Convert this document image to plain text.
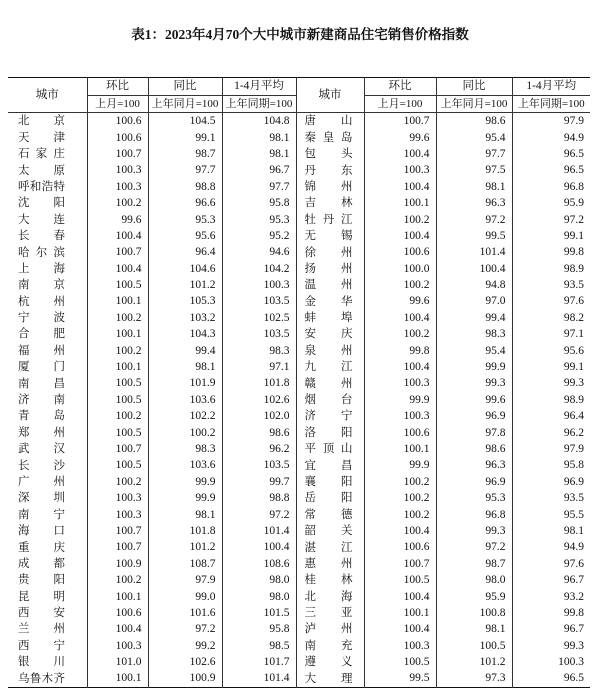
表1：2023年4月70个大中城市新建商品住宅销售价格指数
城市	环比	同比	1-4月平均	城市	环比	同比	1-4月平均
	上月=100	上年同月=100	上年同期=100		上月=100	上年同月=100	上年同期=100
北京	100.6	104.5	104.8	唐山	100.7	98.6	97.9
天津	100.6	99.1	98.1	秦皇岛	99.6	95.4	94.9
石家庄	100.7	98.7	98.1	包头	100.4	97.7	96.5
太原	100.3	97.7	96.7	丹东	100.3	97.5	96.5
呼和浩特	100.3	98.8	97.7	锦州	100.4	98.1	96.8
沈阳	100.2	96.6	95.8	吉林	100.1	96.3	95.9
大连	99.6	95.3	95.3	牡丹江	100.2	97.2	97.2
长春	100.4	95.6	95.2	无锡	100.4	99.5	99.1
哈尔滨	100.7	96.4	94.6	徐州	100.6	101.4	99.8
上海	100.4	104.6	104.2	扬州	100.0	100.4	98.9
南京	100.5	101.2	100.3	温州	100.2	94.8	93.5
杭州	100.1	105.3	103.5	金华	99.6	97.0	97.6
宁波	100.2	103.2	102.5	蚌埠	100.4	99.4	98.2
合肥	100.1	104.3	103.5	安庆	100.2	98.3	97.1
福州	100.2	99.4	98.3	泉州	99.8	95.4	95.6
厦门	100.1	98.1	97.1	九江	100.4	99.9	99.1
南昌	100.5	101.9	101.8	赣州	100.3	99.3	99.3
济南	100.5	103.6	102.6	烟台	99.9	99.6	98.9
青岛	100.2	102.2	102.0	济宁	100.3	96.9	96.4
郑州	100.5	100.2	98.6	洛阳	100.6	97.8	96.2
武汉	100.7	98.3	96.2	平顶山	100.1	98.6	97.9
长沙	100.5	103.6	103.5	宜昌	99.9	96.3	95.8
广州	100.2	99.9	99.7	襄阳	100.2	96.9	96.9
深圳	100.3	99.9	98.8	岳阳	100.2	95.3	93.5
南宁	100.3	98.1	97.2	常德	100.2	96.8	95.5
海口	100.7	101.8	101.4	韶关	100.4	99.3	98.1
重庆	100.7	101.2	100.4	湛江	100.6	97.2	94.9
成都	100.9	108.7	108.6	惠州	100.7	98.7	97.6
贵阳	100.2	97.9	98.0	桂林	100.5	98.0	96.7
昆明	100.1	99.0	98.0	北海	100.4	95.9	93.2
西安	100.6	101.6	101.5	三亚	100.1	100.8	99.8
兰州	100.4	97.2	95.8	泸州	100.4	98.1	96.7
西宁	100.3	99.2	98.5	南充	100.3	100.5	99.3
银川	101.0	102.6	101.7	遵义	100.5	101.2	100.3
乌鲁木齐	100.1	100.9	101.4	大理	99.5	97.3	96.5
